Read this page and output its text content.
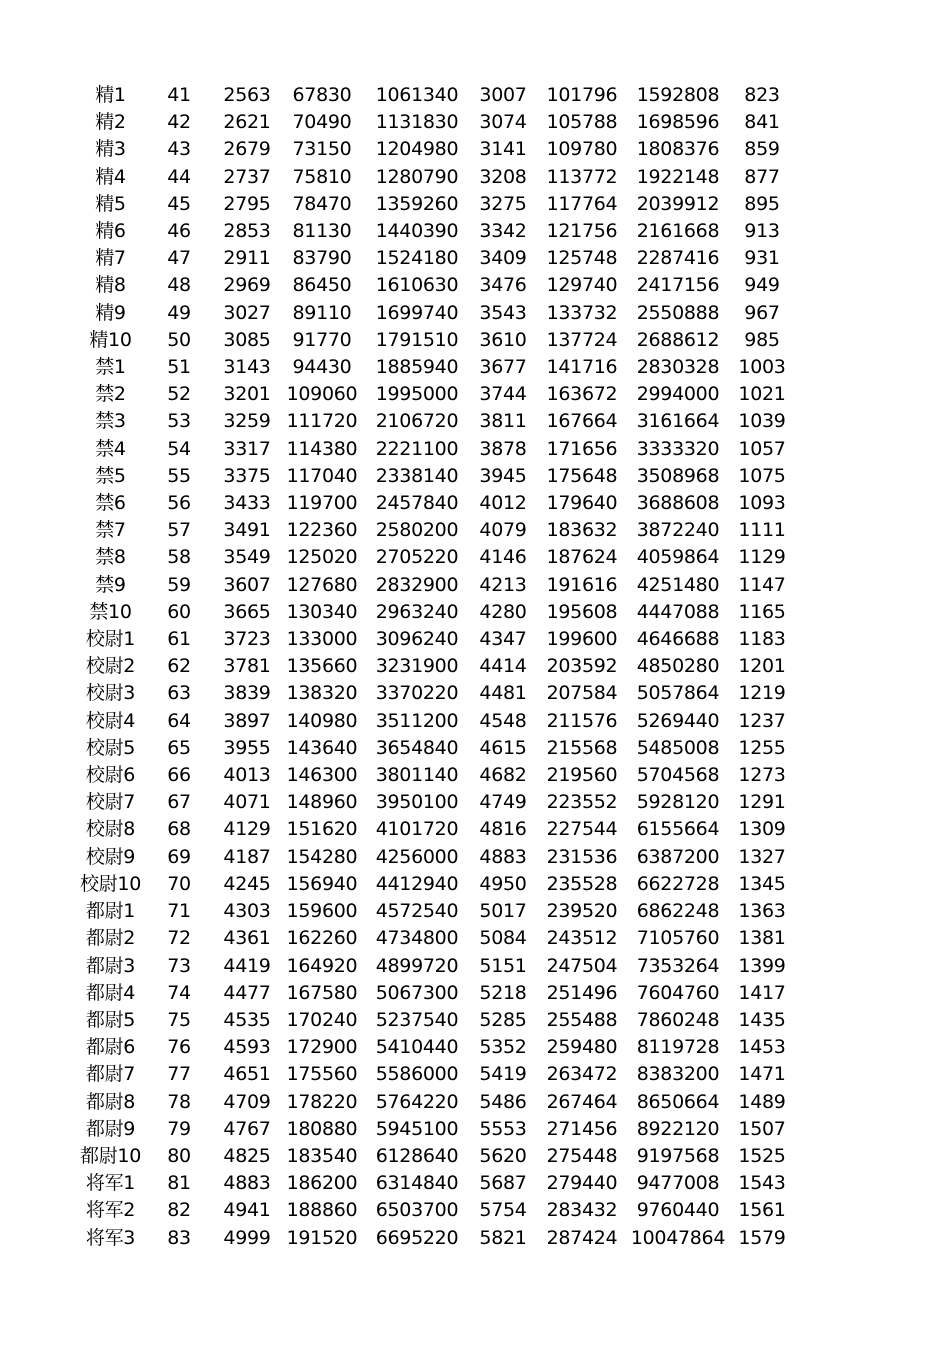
精1	41	2563	67830	1061340	3007	101796	1592808	823
精2	42	2621	70490	1131830	3074	105788	1698596	841
精3	43	2679	73150	1204980	3141	109780	1808376	859
精4	44	2737	75810	1280790	3208	113772	1922148	877
精5	45	2795	78470	1359260	3275	117764	2039912	895
精6	46	2853	81130	1440390	3342	121756	2161668	913
精7	47	2911	83790	1524180	3409	125748	2287416	931
精8	48	2969	86450	1610630	3476	129740	2417156	949
精9	49	3027	89110	1699740	3543	133732	2550888	967
精10	50	3085	91770	1791510	3610	137724	2688612	985
禁1	51	3143	94430	1885940	3677	141716	2830328	1003
禁2	52	3201	109060	1995000	3744	163672	2994000	1021
禁3	53	3259	111720	2106720	3811	167664	3161664	1039
禁4	54	3317	114380	2221100	3878	171656	3333320	1057
禁5	55	3375	117040	2338140	3945	175648	3508968	1075
禁6	56	3433	119700	2457840	4012	179640	3688608	1093
禁7	57	3491	122360	2580200	4079	183632	3872240	1111
禁8	58	3549	125020	2705220	4146	187624	4059864	1129
禁9	59	3607	127680	2832900	4213	191616	4251480	1147
禁10	60	3665	130340	2963240	4280	195608	4447088	1165
校尉1	61	3723	133000	3096240	4347	199600	4646688	1183
校尉2	62	3781	135660	3231900	4414	203592	4850280	1201
校尉3	63	3839	138320	3370220	4481	207584	5057864	1219
校尉4	64	3897	140980	3511200	4548	211576	5269440	1237
校尉5	65	3955	143640	3654840	4615	215568	5485008	1255
校尉6	66	4013	146300	3801140	4682	219560	5704568	1273
校尉7	67	4071	148960	3950100	4749	223552	5928120	1291
校尉8	68	4129	151620	4101720	4816	227544	6155664	1309
校尉9	69	4187	154280	4256000	4883	231536	6387200	1327
校尉10	70	4245	156940	4412940	4950	235528	6622728	1345
都尉1	71	4303	159600	4572540	5017	239520	6862248	1363
都尉2	72	4361	162260	4734800	5084	243512	7105760	1381
都尉3	73	4419	164920	4899720	5151	247504	7353264	1399
都尉4	74	4477	167580	5067300	5218	251496	7604760	1417
都尉5	75	4535	170240	5237540	5285	255488	7860248	1435
都尉6	76	4593	172900	5410440	5352	259480	8119728	1453
都尉7	77	4651	175560	5586000	5419	263472	8383200	1471
都尉8	78	4709	178220	5764220	5486	267464	8650664	1489
都尉9	79	4767	180880	5945100	5553	271456	8922120	1507
都尉10	80	4825	183540	6128640	5620	275448	9197568	1525
将军1	81	4883	186200	6314840	5687	279440	9477008	1543
将军2	82	4941	188860	6503700	5754	283432	9760440	1561
将军3	83	4999	191520	6695220	5821	287424	10047864	1579
